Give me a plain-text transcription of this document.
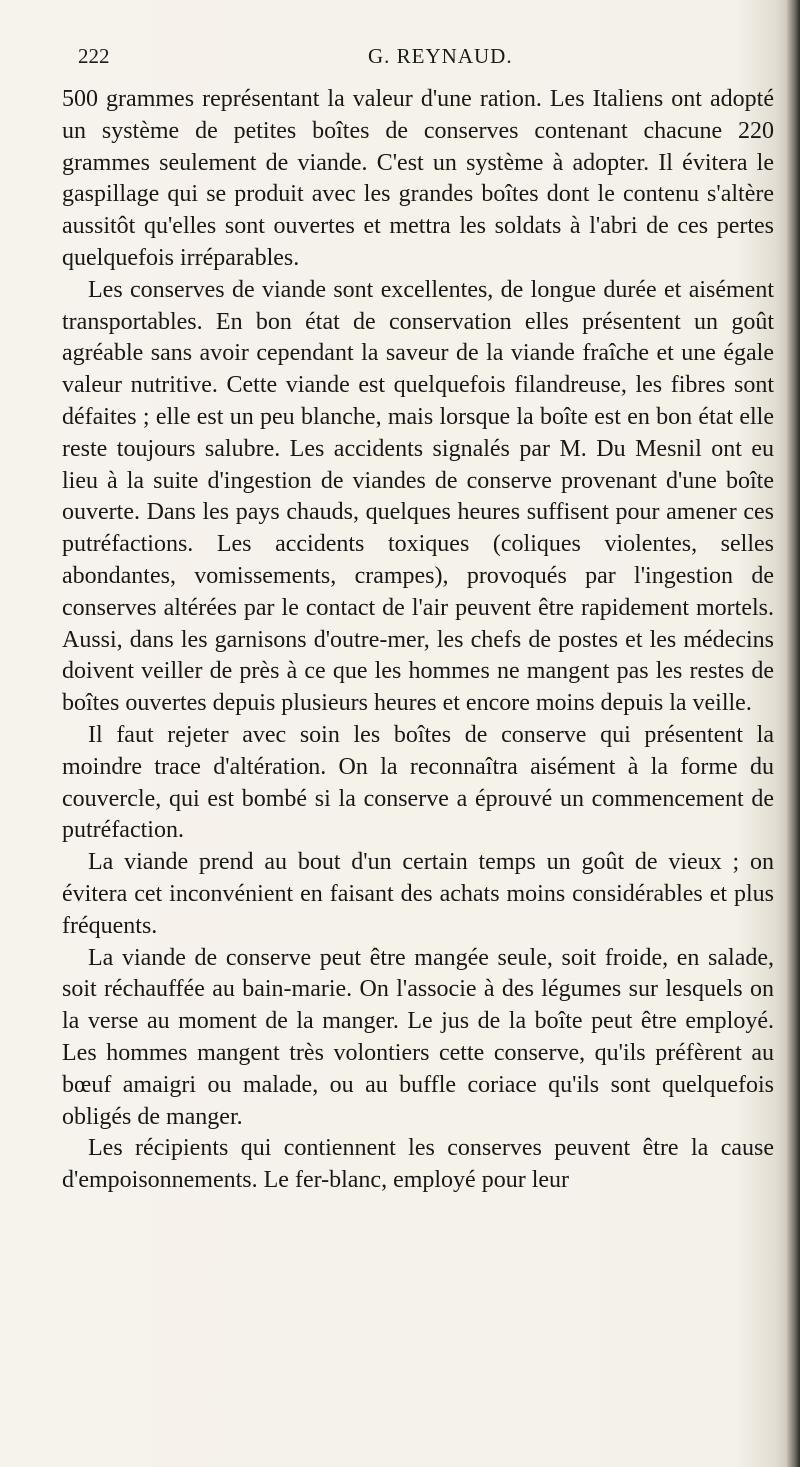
222	G. REYNAUD.

500 grammes représentant la valeur d'une ration. Les Italiens ont adopté un système de petites boîtes de conserves contenant chacune 220 grammes seulement de viande. C'est un système à adopter. Il évitera le gaspillage qui se produit avec les grandes boîtes dont le contenu s'altère aussitôt qu'elles sont ouvertes et mettra les soldats à l'abri de ces pertes quelquefois irréparables.

Les conserves de viande sont excellentes, de longue durée et aisément transportables. En bon état de conservation elles présentent un goût agréable sans avoir cependant la saveur de la viande fraîche et une égale valeur nutritive. Cette viande est quelquefois filandreuse, les fibres sont défaites ; elle est un peu blanche, mais lorsque la boîte est en bon état elle reste toujours salubre. Les accidents signalés par M. Du Mesnil ont eu lieu à la suite d'ingestion de viandes de conserve provenant d'une boîte ouverte. Dans les pays chauds, quelques heures suffisent pour amener ces putréfactions. Les accidents toxiques (coliques violentes, selles abondantes, vomissements, crampes), provoqués par l'ingestion de conserves altérées par le contact de l'air peuvent être rapidement mortels. Aussi, dans les garnisons d'outre-mer, les chefs de postes et les médecins doivent veiller de près à ce que les hommes ne mangent pas les restes de boîtes ouvertes depuis plusieurs heures et encore moins depuis la veille.

Il faut rejeter avec soin les boîtes de conserve qui présentent la moindre trace d'altération. On la reconnaîtra aisément à la forme du couvercle, qui est bombé si la conserve a éprouvé un commencement de putréfaction.

La viande prend au bout d'un certain temps un goût de vieux ; on évitera cet inconvénient en faisant des achats moins considérables et plus fréquents.

La viande de conserve peut être mangée seule, soit froide, en salade, soit réchauffée au bain-marie. On l'associe à des légumes sur lesquels on la verse au moment de la manger. Le jus de la boîte peut être employé. Les hommes mangent très volontiers cette conserve, qu'ils préfèrent au bœuf amaigri ou malade, ou au buffle coriace qu'ils sont quelquefois obligés de manger.

Les récipients qui contiennent les conserves peuvent être la cause d'empoisonnements. Le fer-blanc, employé pour leur
